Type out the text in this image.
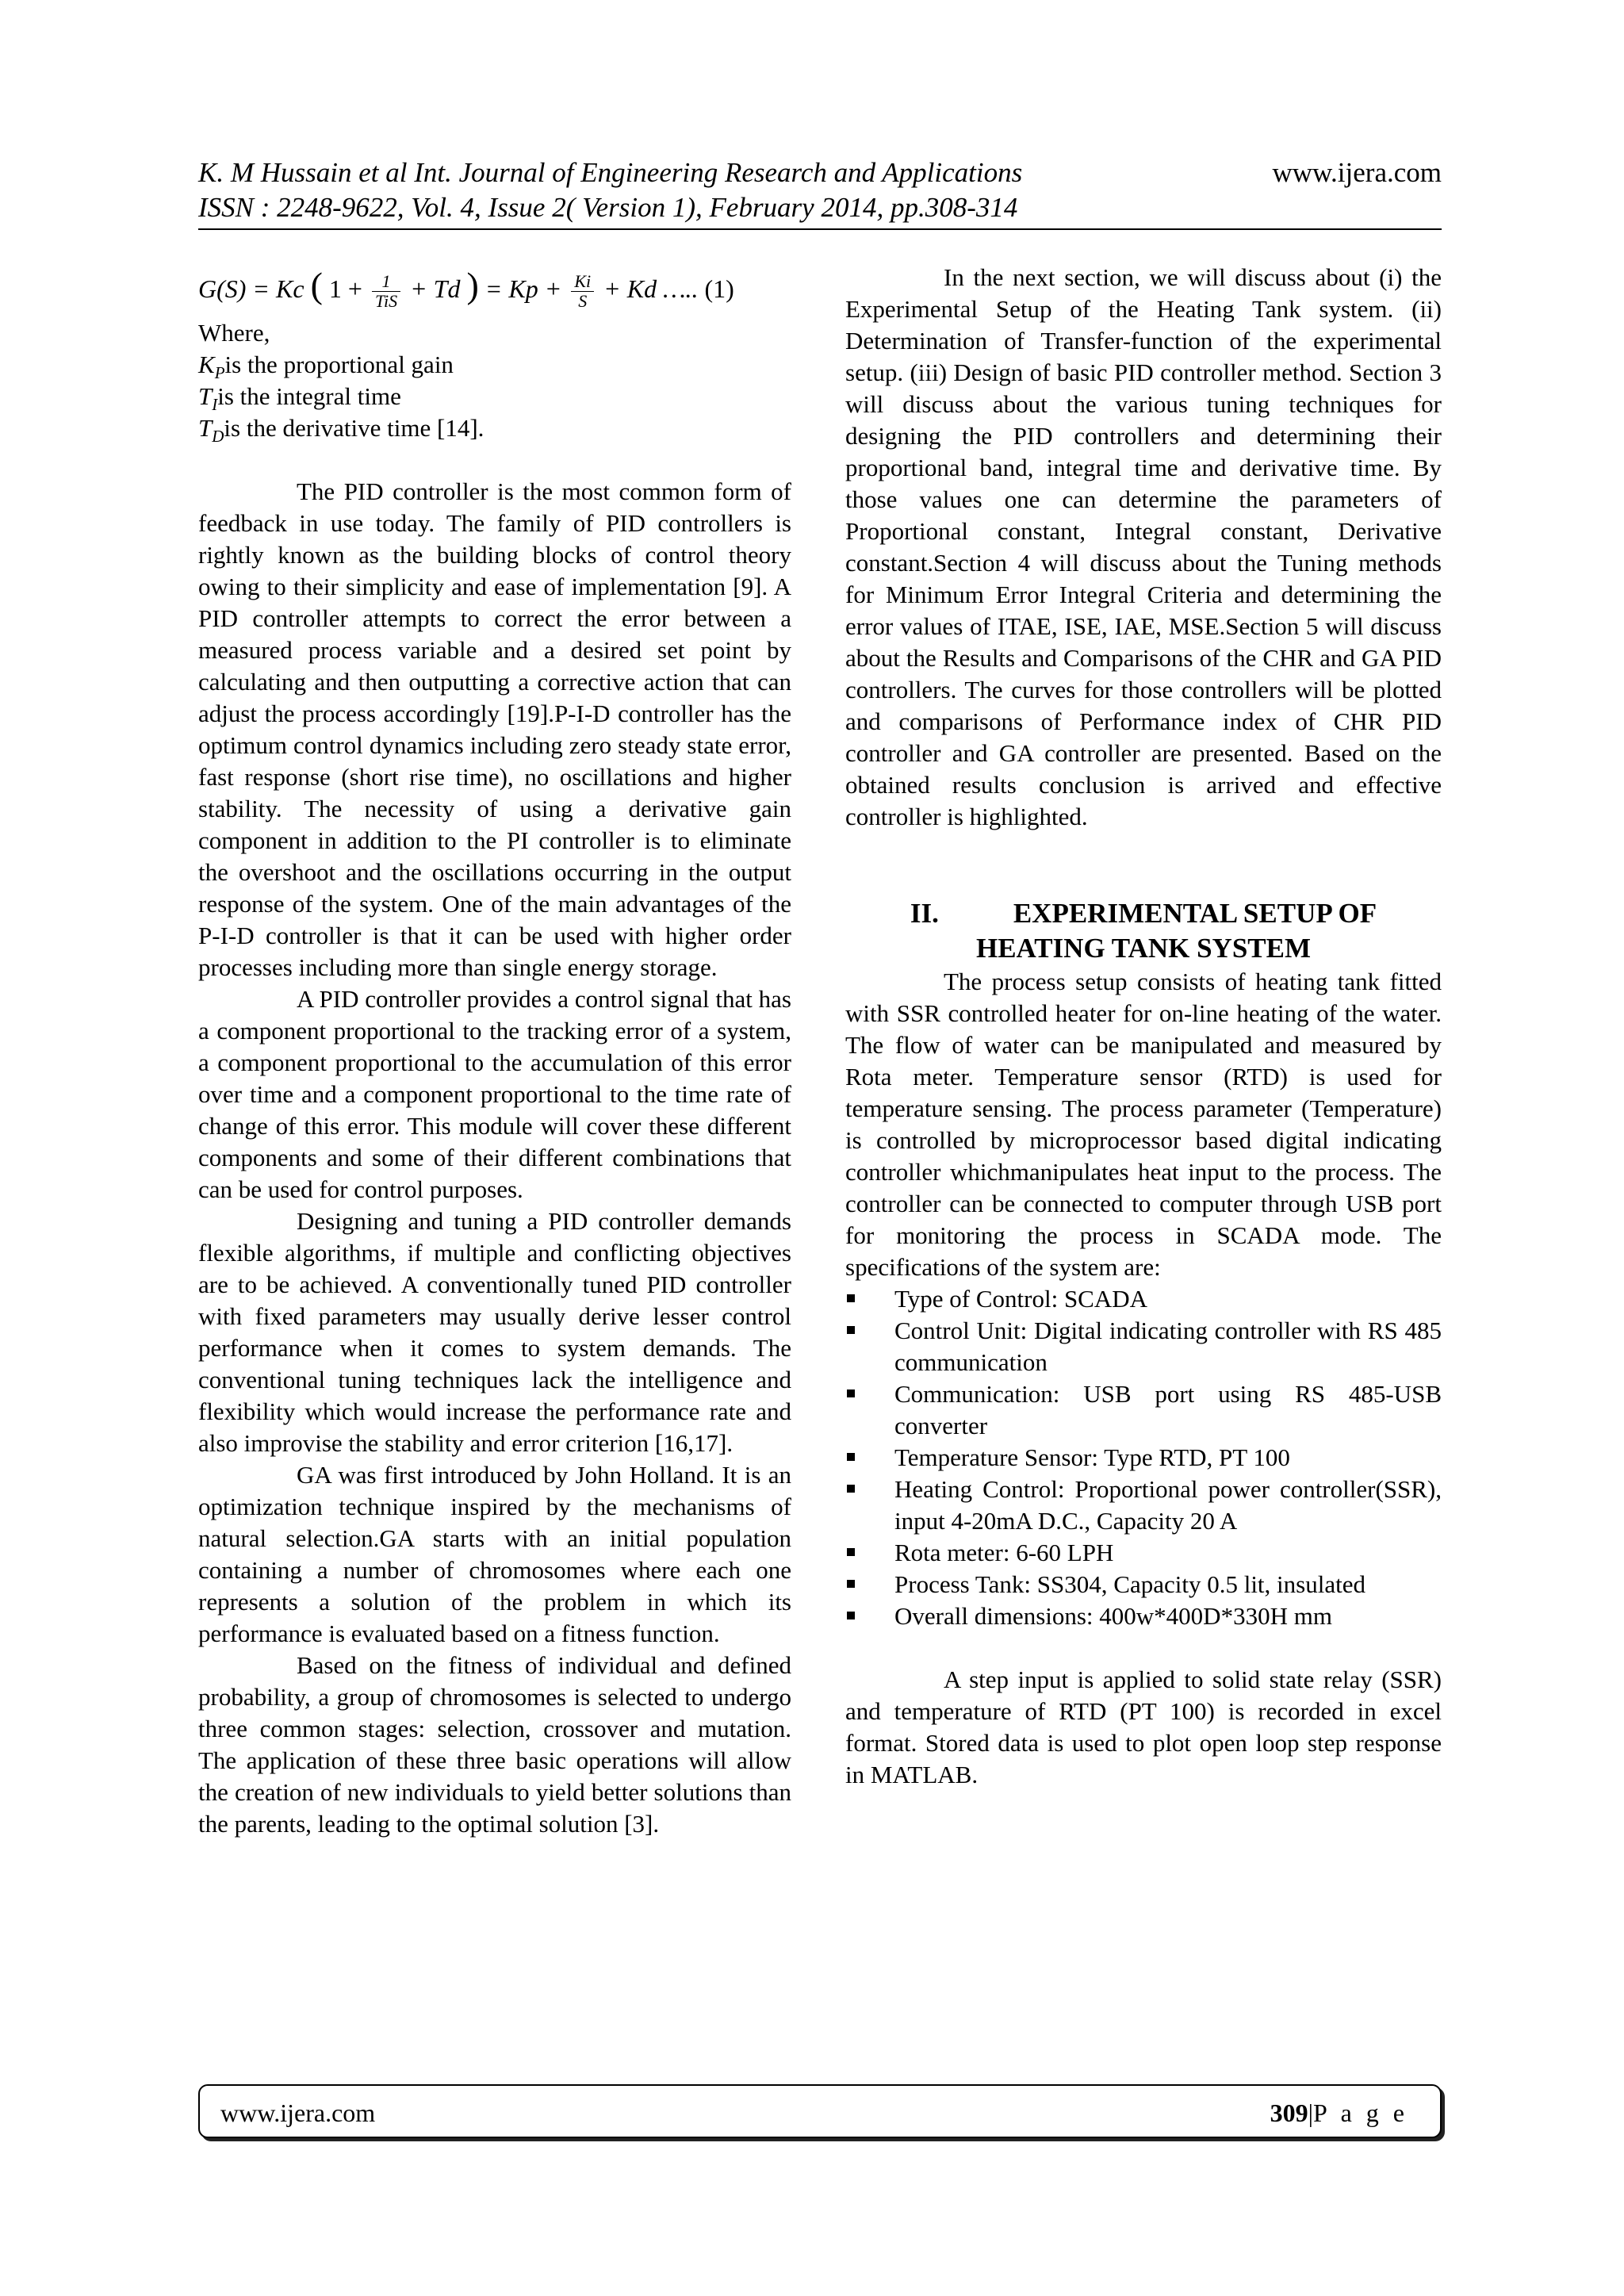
K. M Hussain et al Int. Journal of Engineering Research and Applications	www.ijera.com
ISSN : 2248-9622, Vol. 4, Issue 2( Version 1), February 2014, pp.308-314
G(S) = Kc ( $1 + \frac{1}{\text{TiS}} + Td$ ) = $Kp + \frac{Ki}{S} + Kd$ ….. (1)

Where,

$K_Pis$ the proportional gain

$T_Iis$ the integral time

$T_Dis$ the derivative time [14].

The PID controller is the most common form of feedback in use today. The family of PID controllers is rightly known as the building blocks of control theory owing to their simplicity and ease of implementation [9]. A PID controller attempts to correct the error between a measured process variable and a desired set point by calculating and then outputting a corrective action that can adjust the process accordingly [19].P-I-D controller has the optimum control dynamics including zero steady state error, fast response (short rise time), no oscillations and higher stability. The necessity of using a derivative gain component in addition to the PI controller is to eliminate the overshoot and the oscillations occurring in the output response of the system. One of the main advantages of the P-I-D controller is that it can be used with higher order processes including more than single energy storage.

A PID controller provides a control signal that has a component proportional to the tracking error of a system, a component proportional to the accumulation of this error over time and a component proportional to the time rate of change of this error. This module will cover these different components and some of their different combinations that can be used for control purposes.

Designing and tuning a PID controller demands flexible algorithms, if multiple and conflicting objectives are to be achieved. A conventionally tuned PID controller with fixed parameters may usually derive lesser control performance when it comes to system demands. The conventional tuning techniques lack the intelligence and flexibility which would increase the performance rate and also improvise the stability and error criterion [16,17].

GA was first introduced by John Holland. It is an optimization technique inspired by the mechanisms of natural selection.GA starts with an initial population containing a number of chromosomes where each one represents a solution of the problem in which its performance is evaluated based on a fitness function.

Based on the fitness of individual and defined probability, a group of chromosomes is selected to undergo three common stages: selection, crossover and mutation. The application of these three basic operations will allow the creation of new individuals to yield better solutions than the parents, leading to the optimal solution [3].

In the next section, we will discuss about (i) the Experimental Setup of the Heating Tank system. (ii) Determination of Transfer-function of the experimental setup. (iii) Design of basic PID controller method. Section 3 will discuss about the various tuning techniques for designing the PID controllers and determining their proportional band, integral time and derivative time. By those values one can determine the parameters of Proportional constant, Integral constant, Derivative constant.Section 4 will discuss about the Tuning methods for Minimum Error Integral Criteria and determining the error values of ITAE, ISE, IAE, MSE.Section 5 will discuss about the Results and Comparisons of the CHR and GA PID controllers. The curves for those controllers will be plotted and comparisons of Performance index of CHR PID controller and GA controller are presented. Based on the obtained results conclusion is arrived and effective controller is highlighted.

II.	EXPERIMENTAL SETUP OF
HEATING TANK SYSTEM

The process setup consists of heating tank fitted with SSR controlled heater for on-line heating of the water. The flow of water can be manipulated and measured by Rota meter. Temperature sensor (RTD) is used for temperature sensing. The process parameter (Temperature) is controlled by microprocessor based digital indicating controller whichmanipulates heat input to the process. The controller can be connected to computer through USB port for monitoring the process in SCADA mode. The specifications of the system are:

Type of Control: SCADA
Control Unit: Digital indicating controller with RS 485 communication
Communication: USB port using RS 485-USB converter
Temperature Sensor: Type RTD, PT 100
Heating Control: Proportional power controller(SSR), input 4-20mA D.C., Capacity 20 A
Rota meter: 6-60 LPH
Process Tank: SS304, Capacity 0.5 lit, insulated
Overall dimensions: 400w*400D*330H mm

A step input is applied to solid state relay (SSR) and temperature of RTD (PT 100) is recorded in excel format. Stored data is used to plot open loop step response in MATLAB.

www.ijera.com	309|P a g e
